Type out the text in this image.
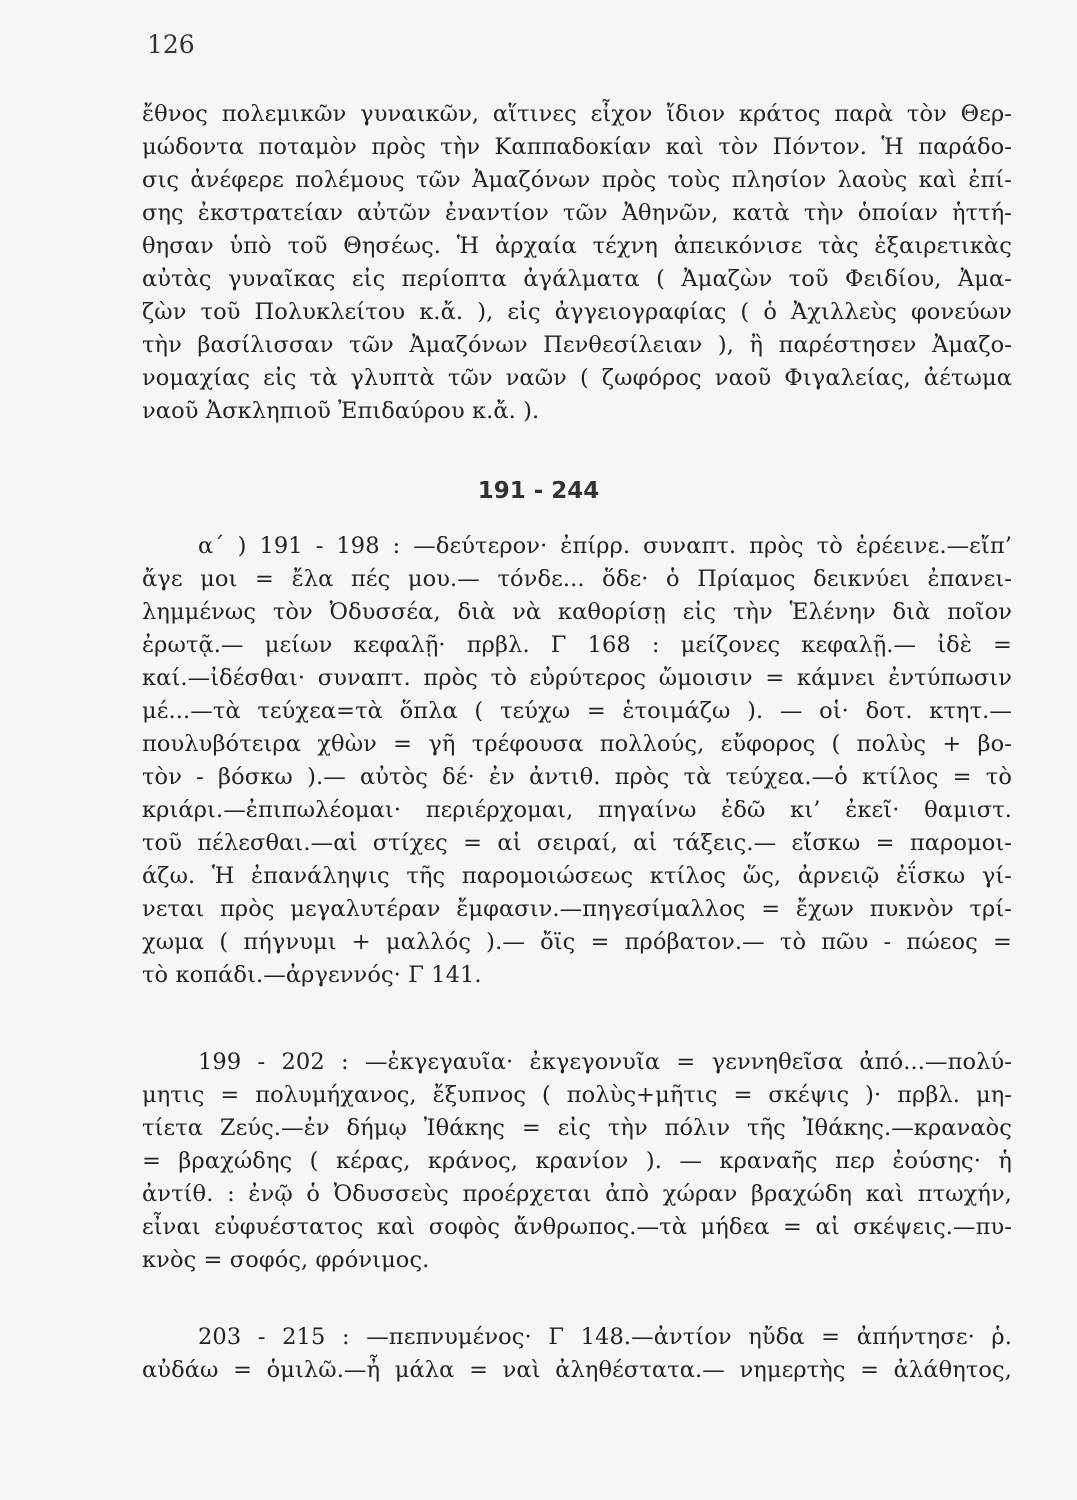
126
ἔθνος πολεμικῶν γυναικῶν, αἵτινες εἶχον ἴδιον κράτος παρὰ τὸν Θερ-
μώδοντα ποταμὸν πρὸς τὴν Καππαδοκίαν καὶ τὸν Πόντον. Ἡ παράδο-
σις ἀνέφερε πολέμους τῶν Ἀμαζόνων πρὸς τοὺς πλησίον λαοὺς καὶ ἐπί-
σης ἐκστρατείαν αὐτῶν ἐναντίον τῶν Ἀθηνῶν, κατὰ τὴν ὁποίαν ἡττή-
θησαν ὑπὸ τοῦ Θησέως. Ἡ ἀρχαία τέχνη ἀπεικόνισε τὰς ἐξαιρετικὰς
αὐτὰς γυναῖκας εἰς περίοπτα ἀγάλματα ( Ἀμαζὼν τοῦ Φειδίου, Ἀμα-
ζὼν τοῦ Πολυκλείτου κ.ἄ. ), εἰς ἀγγειογραφίας ( ὁ Ἀχιλλεὺς φονεύων
τὴν βασίλισσαν τῶν Ἀμαζόνων Πενθεσίλειαν ), ἢ παρέστησεν Ἀμαζο-
νομαχίας εἰς τὰ γλυπτὰ τῶν ναῶν ( ζωφόρος ναοῦ Φιγαλείας, ἀέτωμα
ναοῦ Ἀσκληπιοῦ Ἐπιδαύρου κ.ἄ. ).
191 - 244
α΄ ) 191 - 198 : —δεύτερον· ἐπίρρ. συναπτ. πρὸς τὸ ἐρέεινε.—εἴπ’
ἄγε μοι = ἔλα πές μου.— τόνδε... ὅδε· ὁ Πρίαμος δεικνύει ἐπανει-
λημμένως τὸν Ὀδυσσέα, διὰ νὰ καθορίσῃ εἰς τὴν Ἑλένην διὰ ποῖον
ἐρωτᾷ.— μείων κεφαλῇ· πρβλ. Γ 168 : μείζονες κεφαλῇ.— ἰδὲ =
καί.—ἰδέσθαι· συναπτ. πρὸς τὸ εὐρύτερος ὤμοισιν = κάμνει ἐντύπωσιν
μέ...—τὰ τεύχεα=τὰ ὅπλα ( τεύχω = ἑτοιμάζω ). — οἱ· δοτ. κτητ.—
πουλυβότειρα χθὼν = γῆ τρέφουσα πολλούς, εὔφορος ( πολὺς + βο-
τὸν - βόσκω ).— αὐτὸς δέ· ἐν ἀντιθ. πρὸς τὰ τεύχεα.—ὁ κτίλος = τὸ
κριάρι.—ἐπιπωλέομαι· περιέρχομαι, πηγαίνω ἐδῶ κι’ ἐκεῖ· θαμιστ.
τοῦ πέλεσθαι.—αἱ στίχες = αἱ σειραί, αἱ τάξεις.— εἴσκω = παρομοι-
άζω. Ἡ ἐπανάληψις τῆς παρομοιώσεως κτίλος ὥς, ἀρνειῷ ἐΐσκω γί-
νεται πρὸς μεγαλυτέραν ἔμφασιν.—πηγεσίμαλλος = ἔχων πυκνὸν τρί-
χωμα ( πήγνυμι + μαλλός ).— ὄϊς = πρόβατον.— τὸ πῶυ - πώεος =
τὸ κοπάδι.—ἀργεννός· Γ 141.
199 - 202 : —ἐκγεγαυῖα· ἐκγεγονυῖα = γεννηθεῖσα ἀπό...—πολύ-
μητις = πολυμήχανος, ἔξυπνος ( πολὺς+μῆτις = σκέψις )· πρβλ. μη-
τίετα Ζεύς.—ἐν δήμῳ Ἰθάκης = εἰς τὴν πόλιν τῆς Ἰθάκης.—κραναὸς
= βραχώδης ( κέρας, κράνος, κρανίον ). — κραναῆς περ ἐούσης· ἡ
ἀντίθ. : ἐνῷ ὁ Ὀδυσσεὺς προέρχεται ἀπὸ χώραν βραχώδη καὶ πτωχήν,
εἶναι εὐφυέστατος καὶ σοφὸς ἄνθρωπος.—τὰ μήδεα = αἱ σκέψεις.—πυ-
κνὸς = σοφός, φρόνιμος.
203 - 215 : —πεπνυμένος· Γ 148.—ἀντίον ηὔδα = ἀπήντησε· ῥ.
αὐδάω = ὁμιλῶ.—ἦ μάλα = ναὶ ἀληθέστατα.— νημερτὴς = ἀλάθητος,
